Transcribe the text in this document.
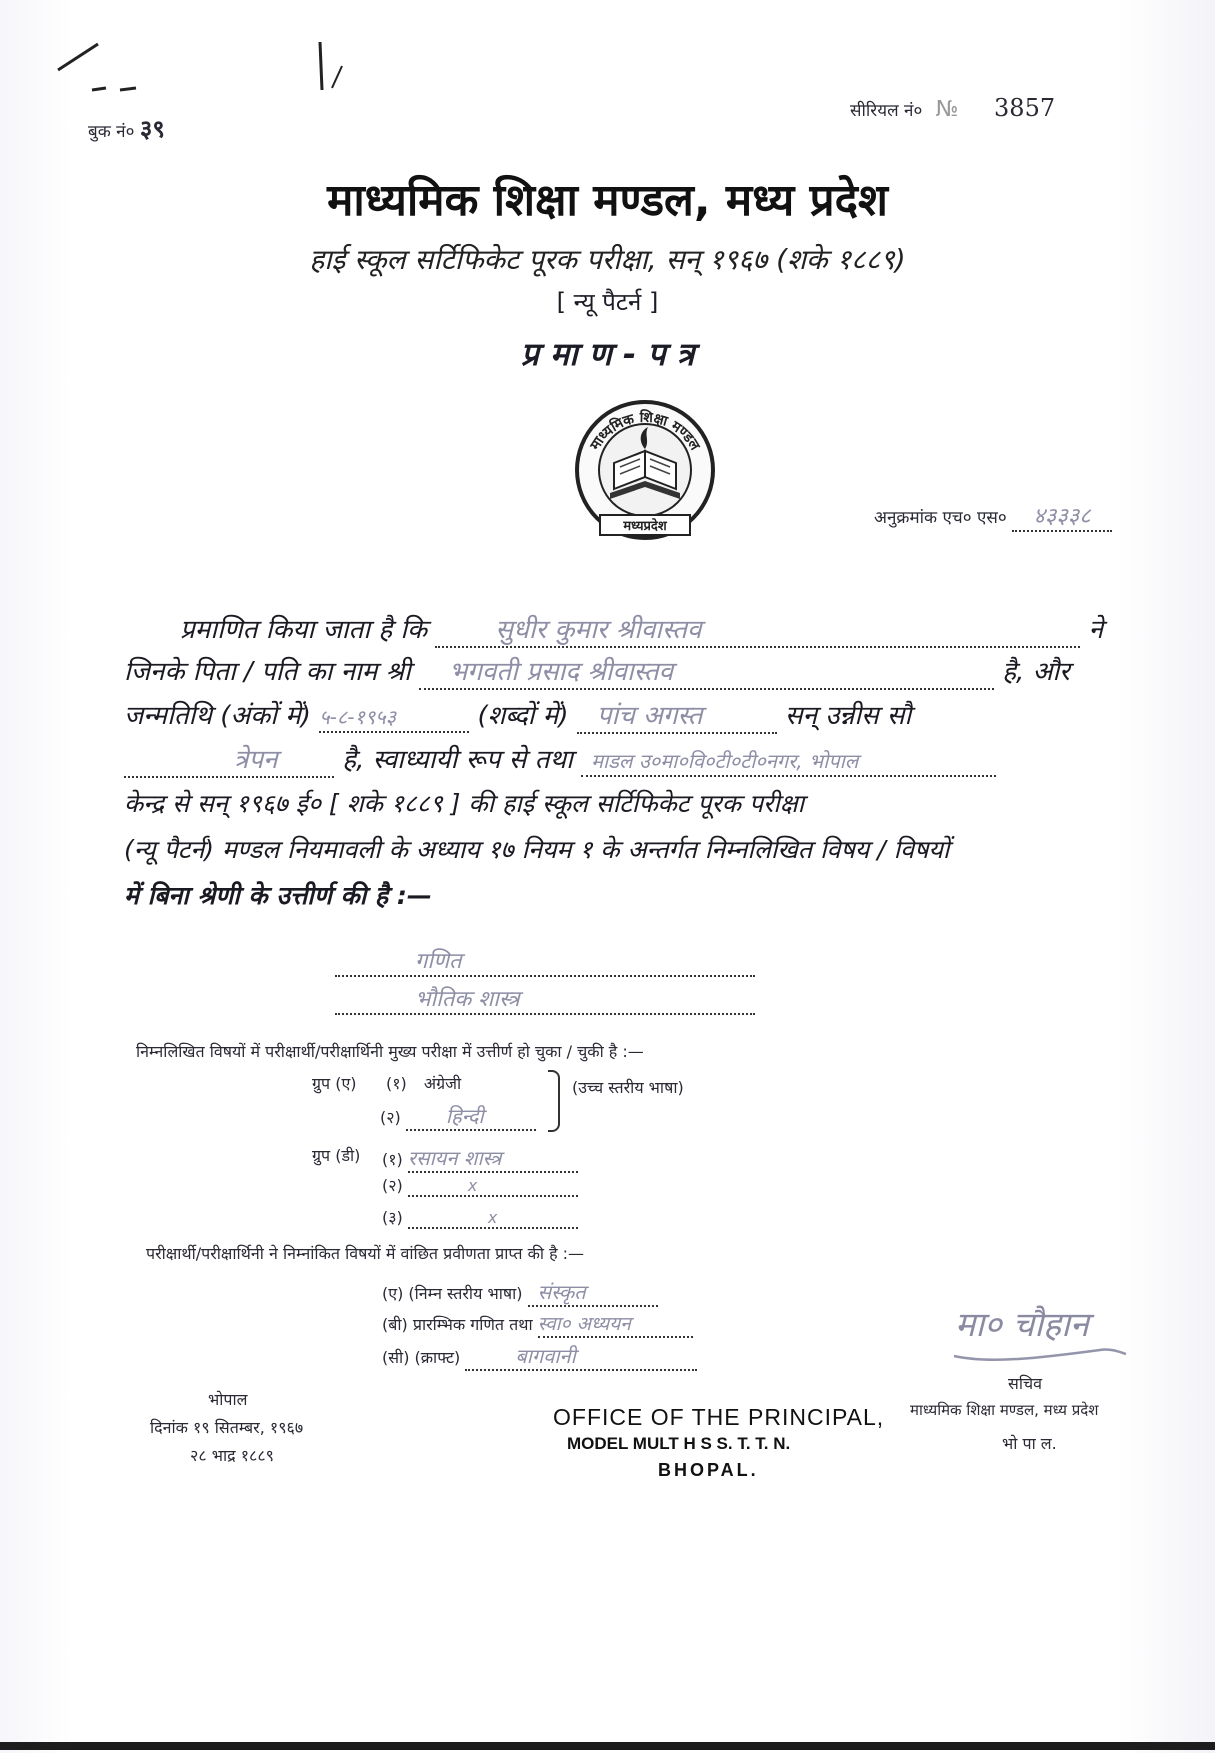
बुक नं० ३९
सीरियल नं० № 3857
माध्यमिक शिक्षा मण्डल, मध्य प्रदेश
हाई स्कूल सर्टिफिकेट पूरक परीक्षा, सन् १९६७ (शके १८८९)
[ न्यू पैटर्न ]
प्र मा ण - प त्र
माध्यमिक शिक्षा मण्डल
मध्यप्रदेश	अनुक्रमांक एच० एस० ४३३३८
प्रमाणित किया जाता है कि	सुधीर कुमार श्रीवास्तव	ने
जिनके पिता / पति का नाम श्री भगवती प्रसाद श्रीवास्तव	है, और
जन्मतिथि (अंकों में) ५-८-१९५३	(शब्दों में) पांच अगस्त	सन् उन्नीस सौ
त्रेपन है, स्वाध्यायी रूप से तथा माडल उ०मा०वि०टी०टी०नगर, भोपाल
केन्द्र से सन् १९६७ ई० [ शके १८८९ ] की हाई स्कूल सर्टिफिकेट पूरक परीक्षा
(न्यू पैटर्न) मण्डल नियमावली के अध्याय १७ नियम १ के अन्तर्गत निम्नलिखित विषय / विषयों
में बिना श्रेणी के उत्तीर्ण की है :—
गणित
भौतिक शास्त्र
निम्नलिखित विषयों में परीक्षार्थी/परीक्षार्थिनी मुख्य परीक्षा में उत्तीर्ण हो चुका / चुकी है :—
ग्रुप (ए) (१) अंग्रेजी
(२) हिन्दी
(उच्च स्तरीय भाषा)
ग्रुप (डी) (१) रसायन शास्त्र
(२)	x
(३)	x
परीक्षार्थी/परीक्षार्थिनी ने निम्नांकित विषयों में वांछित प्रवीणता प्राप्त की है :—
(ए) (निम्न स्तरीय भाषा) संस्कृत
(बी) प्रारम्भिक गणित तथा स्वा० अध्ययन
(सी) (क्राफ्ट)	बागवानी
भोपाल
दिनांक १९ सितम्बर, १९६७
२८ भाद्र १८८९
OFFICE OF THE PRINCIPAL,
MODEL MULT H S S. T. T. N.
BHOPAL.
मा० चौहान
सचिव
माध्यमिक शिक्षा मण्डल, मध्य प्रदेश
भो पा ल.
